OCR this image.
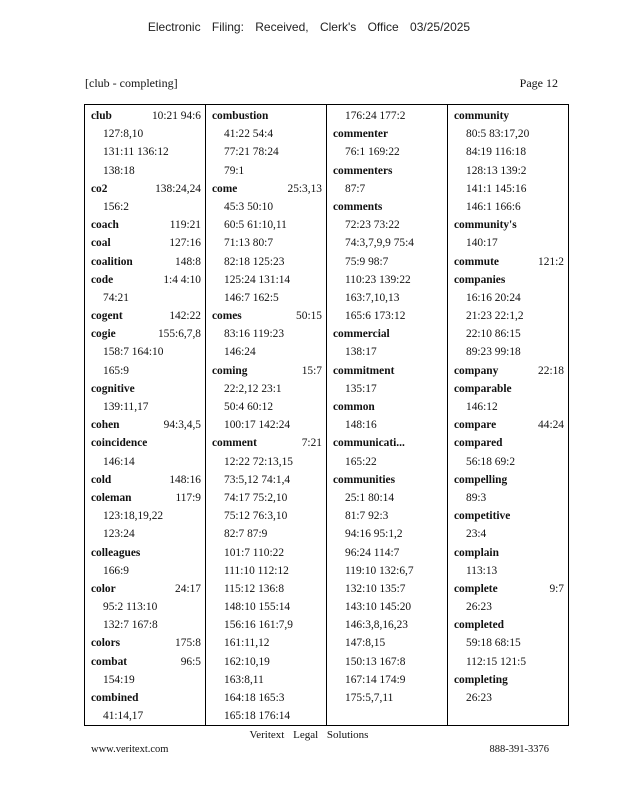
Electronic Filing: Received, Clerk's Office 03/25/2025
[club - completing]	Page 12
club	10:21 94:6
127:8,10
131:11 136:12
138:18
co2	138:24,24
156:2
coach	119:21
coal	127:16
coalition	148:8
code	1:4 4:10
74:21
cogent	142:22
cogie	155:6,7,8
158:7 164:10
165:9
cognitive
139:11,17
cohen	94:3,4,5
coincidence
146:14
cold	148:16
coleman	117:9
123:18,19,22
123:24
colleagues
166:9
color	24:17
95:2 113:10
132:7 167:8
colors	175:8
combat	96:5
154:19
combined
41:14,17
combustion
41:22 54:4
77:21 78:24
79:1
come	25:3,13
45:3 50:10
60:5 61:10,11
71:13 80:7
82:18 125:23
125:24 131:14
146:7 162:5
comes	50:15
83:16 119:23
146:24
coming	15:7
22:2,12 23:1
50:4 60:12
100:17 142:24
comment	7:21
12:22 72:13,15
73:5,12 74:1,4
74:17 75:2,10
75:12 76:3,10
82:7 87:9
101:7 110:22
111:10 112:12
115:12 136:8
148:10 155:14
156:16 161:7,9
161:11,12
162:10,19
163:8,11
164:18 165:3
165:18 176:14
176:24 177:2
commenter
76:1 169:22
commenters
87:7
comments
72:23 73:22
74:3,7,9,9 75:4
75:9 98:7
110:23 139:22
163:7,10,13
165:6 173:12
commercial
138:17
commitment
135:17
common
148:16
communicati...
165:22
communities
25:1 80:14
81:7 92:3
94:16 95:1,2
96:24 114:7
119:10 132:6,7
132:10 135:7
143:10 145:20
146:3,8,16,23
147:8,15
150:13 167:8
167:14 174:9
175:5,7,11
community
80:5 83:17,20
84:19 116:18
128:13 139:2
141:1 145:16
146:1 166:6
community's
140:17
commute	121:2
companies
16:16 20:24
21:23 22:1,2
22:10 86:15
89:23 99:18
company	22:18
comparable
146:12
compare	44:24
compared
56:18 69:2
compelling
89:3
competitive
23:4
complain
113:13
complete	9:7
26:23
completed
59:18 68:15
112:15 121:5
completing
26:23
Veritext Legal Solutions
www.veritext.com	888-391-3376
